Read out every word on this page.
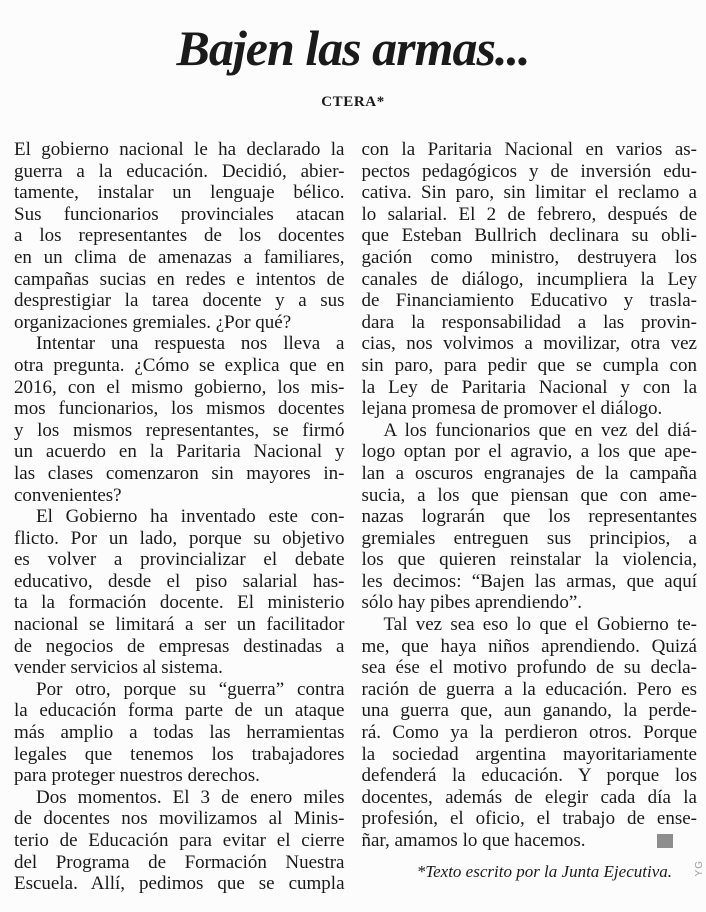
Bajen las armas...
CTERA*
El gobierno nacional le ha declarado la
guerra a la educación. Decidió, abier-
tamente, instalar un lenguaje bélico.
Sus funcionarios provinciales atacan
a los representantes de los docentes
en un clima de amenazas a familiares,
campañas sucias en redes e intentos de
desprestigiar la tarea docente y a sus
organizaciones gremiales. ¿Por qué?
Intentar una respuesta nos lleva a
otra pregunta. ¿Cómo se explica que en
2016, con el mismo gobierno, los mis-
mos funcionarios, los mismos docentes
y los mismos representantes, se firmó
un acuerdo en la Paritaria Nacional y
las clases comenzaron sin mayores in-
convenientes?
El Gobierno ha inventado este con-
flicto. Por un lado, porque su objetivo
es volver a provincializar el debate
educativo, desde el piso salarial has-
ta la formación docente. El ministerio
nacional se limitará a ser un facilitador
de negocios de empresas destinadas a
vender servicios al sistema.
Por otro, porque su “guerra” contra
la educación forma parte de un ataque
más amplio a todas las herramientas
legales que tenemos los trabajadores
para proteger nuestros derechos.
Dos momentos. El 3 de enero miles
de docentes nos movilizamos al Minis-
terio de Educación para evitar el cierre
del Programa de Formación Nuestra
Escuela. Allí, pedimos que se cumpla
con la Paritaria Nacional en varios as-
pectos pedagógicos y de inversión edu-
cativa. Sin paro, sin limitar el reclamo a
lo salarial. El 2 de febrero, después de
que Esteban Bullrich declinara su obli-
gación como ministro, destruyera los
canales de diálogo, incumpliera la Ley
de Financiamiento Educativo y trasla-
dara la responsabilidad a las provin-
cias, nos volvimos a movilizar, otra vez
sin paro, para pedir que se cumpla con
la Ley de Paritaria Nacional y con la
lejana promesa de promover el diálogo.
A los funcionarios que en vez del diá-
logo optan por el agravio, a los que ape-
lan a oscuros engranajes de la campaña
sucia, a los que piensan que con ame-
nazas lograrán que los representantes
gremiales entreguen sus principios, a
los que quieren reinstalar la violencia,
les decimos: “Bajen las armas, que aquí
sólo hay pibes aprendiendo”.
Tal vez sea eso lo que el Gobierno te-
me, que haya niños aprendiendo. Quizá
sea ése el motivo profundo de su decla-
ración de guerra a la educación. Pero es
una guerra que, aun ganando, la perde-
rá. Como ya la perdieron otros. Porque
la sociedad argentina mayoritariamente
defenderá la educación. Y porque los
docentes, además de elegir cada día la
profesión, el oficio, el trabajo de ense-
ñar, amamos lo que hacemos.
*Texto escrito por la Junta Ejecutiva.	YG
